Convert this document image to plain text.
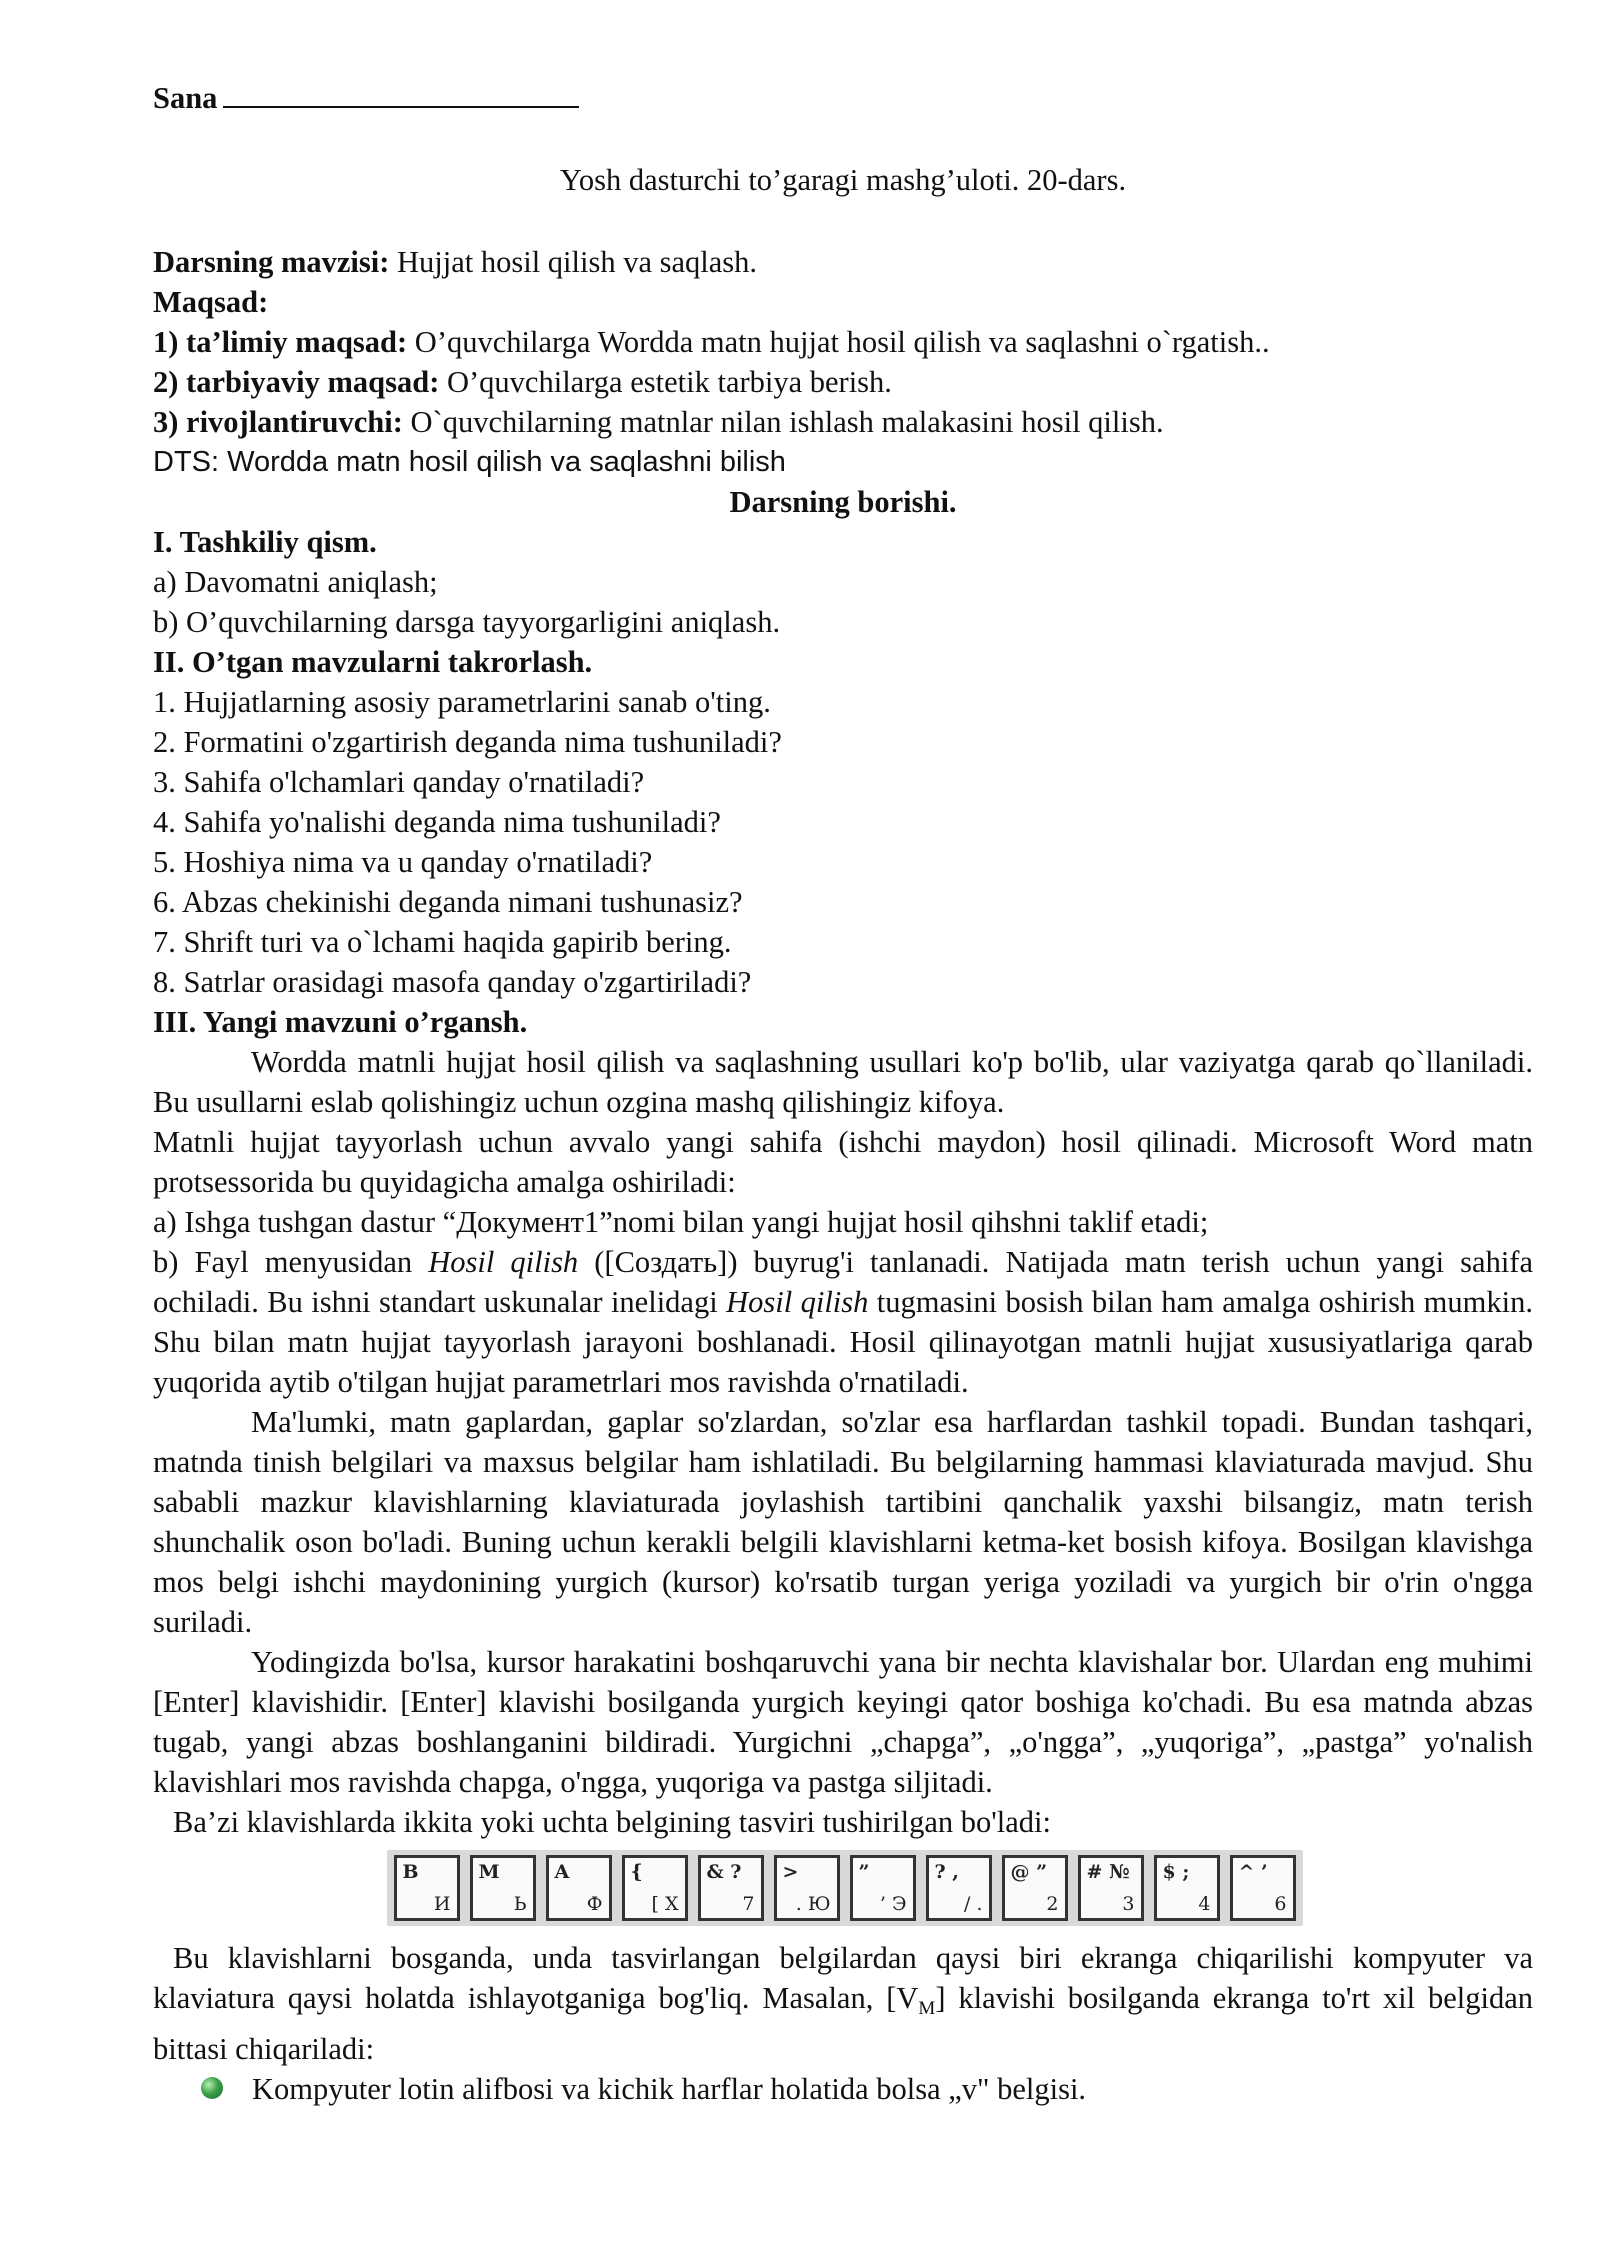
Sana
Yosh dasturchi to’garagi mashg’uloti. 20-dars.
Darsning mavzisi: Hujjat hosil qilish va saqlash.
Maqsad:
1) ta’limiy maqsad: O’quvchilarga Wordda matn hujjat hosil qilish va saqlashni o`rgatish..
2) tarbiyaviy maqsad: O’quvchilarga estetik tarbiya berish.
3) rivojlantiruvchi: O`quvchilarning matnlar nilan ishlash malakasini hosil qilish.
DTS: Wordda matn hosil qilish va saqlashni bilish
Darsning borishi.
I. Tashkiliy qism.
a) Davomatni aniqlash;
b) O’quvchilarning darsga tayyorgarligini aniqlash.
II. O’tgan mavzularni takrorlash.
1. Hujjatlarning asosiy parametrlarini sanab o'ting.
2. Formatini o'zgartirish deganda nima tushuniladi?
3. Sahifa o'lchamlari qanday o'rnatiladi?
4. Sahifa yo'nalishi deganda nima tushuniladi?
5. Hoshiya nima va u qanday o'rnatiladi?
6. Abzas chekinishi deganda nimani tushunasiz?
7. Shrift turi va o`lchami haqida gapirib bering.
8. Satrlar orasidagi masofa qanday o'zgartiriladi?
III. Yangi mavzuni o’rgansh.
Wordda matnli hujjat hosil qilish va saqlashning usullari ko'p bo'lib, ular vaziyatga qarab qo`llaniladi. Bu usullarni eslab qolishingiz uchun ozgina mashq qilishingiz kifoya.
Matnli hujjat tayyorlash uchun avvalo yangi sahifa (ishchi maydon) hosil qilinadi. Microsoft Word matn protsessorida bu quyidagicha amalga oshiriladi:
a) Ishga tushgan dastur “Документ1”nomi bilan yangi hujjat hosil qihshni taklif etadi;
b) Fayl menyusidan Hosil qilish ([Создать]) buyrug'i tanlanadi. Natijada matn terish uchun yangi sahifa ochiladi. Bu ishni standart uskunalar inelidagi Hosil qilish tugmasini bosish bilan ham amalga oshirish mumkin. Shu bilan matn hujjat tayyorlash jarayoni boshlanadi. Hosil qilinayotgan matnli hujjat xususiyatlariga qarab yuqorida aytib o'tilgan hujjat parametrlari mos ravishda o'rnatiladi.
Ma'lumki, matn gaplardan, gaplar so'zlardan, so'zlar esa harflardan tashkil topadi. Bundan tashqari, matnda tinish belgilari va maxsus belgilar ham ishlatiladi. Bu belgilarning hammasi klaviaturada mavjud. Shu sababli mazkur klavishlarning klaviaturada joylashish tartibini qanchalik yaxshi bilsangiz, matn terish shunchalik oson bo'ladi. Buning uchun kerakli belgili klavishlarni ketma-ket bosish kifoya. Bosilgan klavishga mos belgi ishchi maydonining yurgich (kursor) ko'rsatib turgan yeriga yoziladi va yurgich bir o'rin o'ngga suriladi.
Yodingizda bo'lsa, kursor harakatini boshqaruvchi yana bir nechta klavishalar bor. Ulardan eng muhimi [Enter] klavishidir. [Enter] klavishi bosilganda yurgich keyingi qator boshiga ko'chadi. Bu esa matnda abzas tugab, yangi abzas boshlanganini bildiradi. Yurgichni „chapga”, „o'ngga”, „yuqoriga”, „pastga” yo'nalish klavishlari mos ravishda chapga, o'ngga, yuqoriga va pastga siljitadi.
Ba’zi klavishlarda ikkita yoki uchta belgining tasviri tushirilgan bo'ladi:
B
И
M
Ь
A
Ф
{
[ Х
& ?
7
>
. Ю
”
’ Э
? ,
/ .
@ ”
2
# №
3
$ ;
4
^ ’
6
Bu klavishlarni bosganda, unda tasvirlangan belgilardan qaysi biri ekranga chiqarilishi kompyuter va klaviatura qaysi holatda ishlayotganiga bog'liq. Masalan, $[V_M]$ klavishi bosilganda ekranga to'rt xil belgidan bittasi chiqariladi:
Kompyuter lotin alifbosi va kichik harflar holatida bolsa „v" belgisi.
